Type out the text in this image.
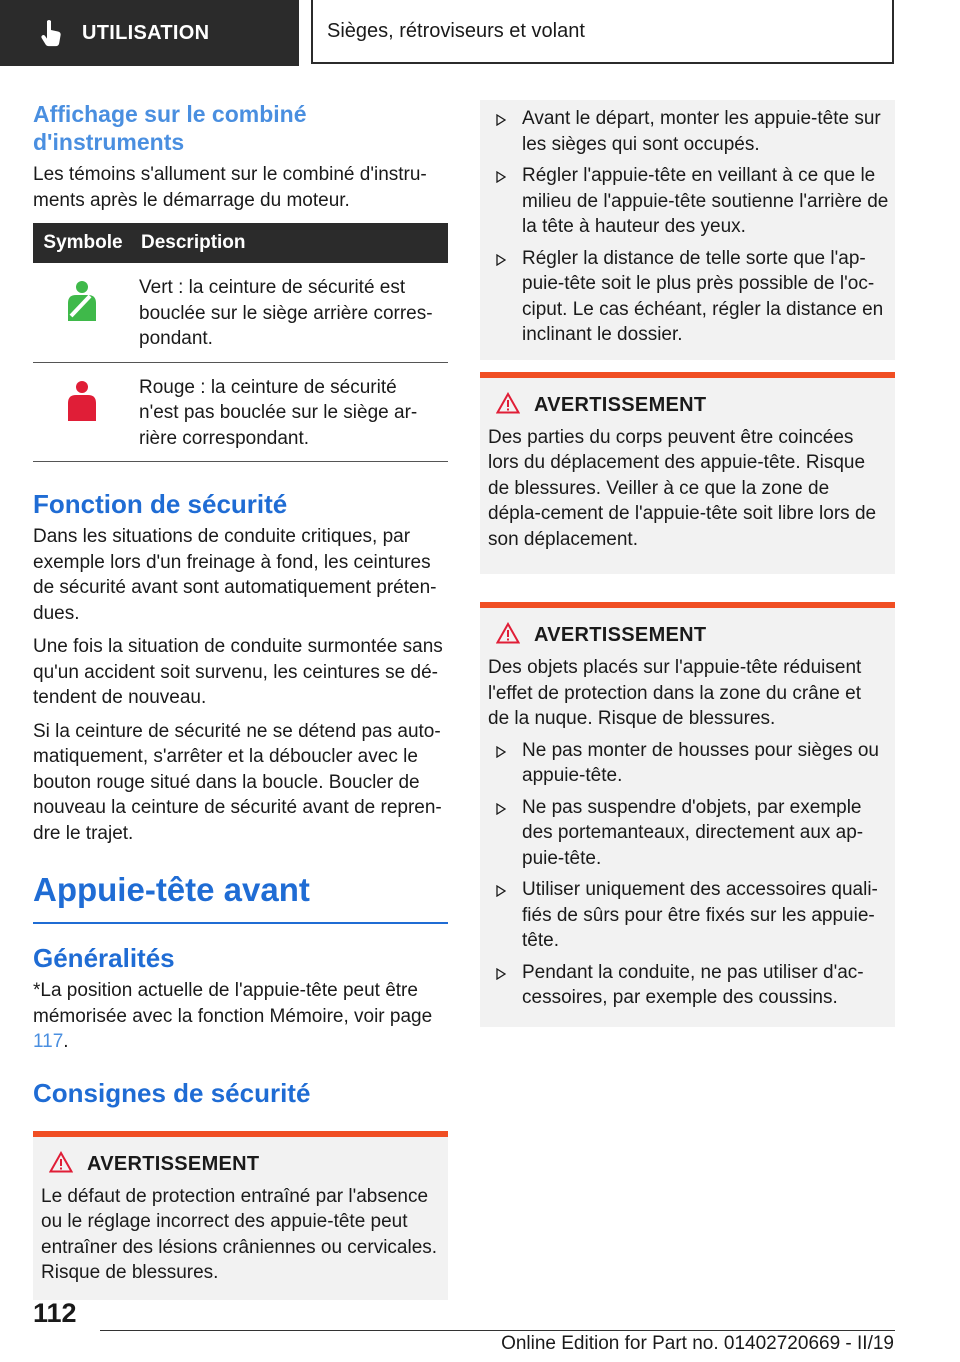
UTILISATION	Sièges, rétroviseurs et volant
Affichage sur le combiné d'instruments

Les témoins s'allument sur le combiné d'instru-ments après le démarrage du moteur.

Symbole	Description
	Vert : la ceinture de sécurité est bouclée sur le siège arrière corres-pondant.
	Rouge : la ceinture de sécurité n'est pas bouclée sur le siège ar-rière correspondant.
Fonction de sécurité

Dans les situations de conduite critiques, par exemple lors d'un freinage à fond, les ceintures de sécurité avant sont automatiquement préten-dues.

Une fois la situation de conduite surmontée sans qu'un accident soit survenu, les ceintures se dé-tendent de nouveau.

Si la ceinture de sécurité ne se détend pas auto-matiquement, s'arrêter et la déboucler avec le bouton rouge situé dans la boucle. Boucler de nouveau la ceinture de sécurité avant de repren-dre le trajet.

Appuie-tête avant
Généralités

*La position actuelle de l'appuie-tête peut être mémorisée avec la fonction Mémoire, voir page 117.

Consignes de sécurité
AVERTISSEMENT

Le défaut de protection entraîné par l'absence ou le réglage incorrect des appuie-tête peut entraîner des lésions crâniennes ou cervicales. Risque de blessures.

Avant le départ, monter les appuie-tête sur les sièges qui sont occupés.
Régler l'appuie-tête en veillant à ce que le milieu de l'appuie-tête soutienne l'arrière de la tête à hauteur des yeux.
Régler la distance de telle sorte que l'ap-puie-tête soit le plus près possible de l'oc-ciput. Le cas échéant, régler la distance en inclinant le dossier.
AVERTISSEMENT

Des parties du corps peuvent être coincées lors du déplacement des appuie-tête. Risque de blessures. Veiller à ce que la zone de dépla-cement de l'appuie-tête soit libre lors de son déplacement.

AVERTISSEMENT

Des objets placés sur l'appuie-tête réduisent l'effet de protection dans la zone du crâne et de la nuque. Risque de blessures.

Ne pas monter de housses pour sièges ou appuie-tête.
Ne pas suspendre d'objets, par exemple des portemanteaux, directement aux ap-puie-tête.
Utiliser uniquement des accessoires quali-fiés de sûrs pour être fixés sur les appuie-tête.
Pendant la conduite, ne pas utiliser d'ac-cessoires, par exemple des coussins.
112
Online Edition for Part no. 01402720669 - II/19
